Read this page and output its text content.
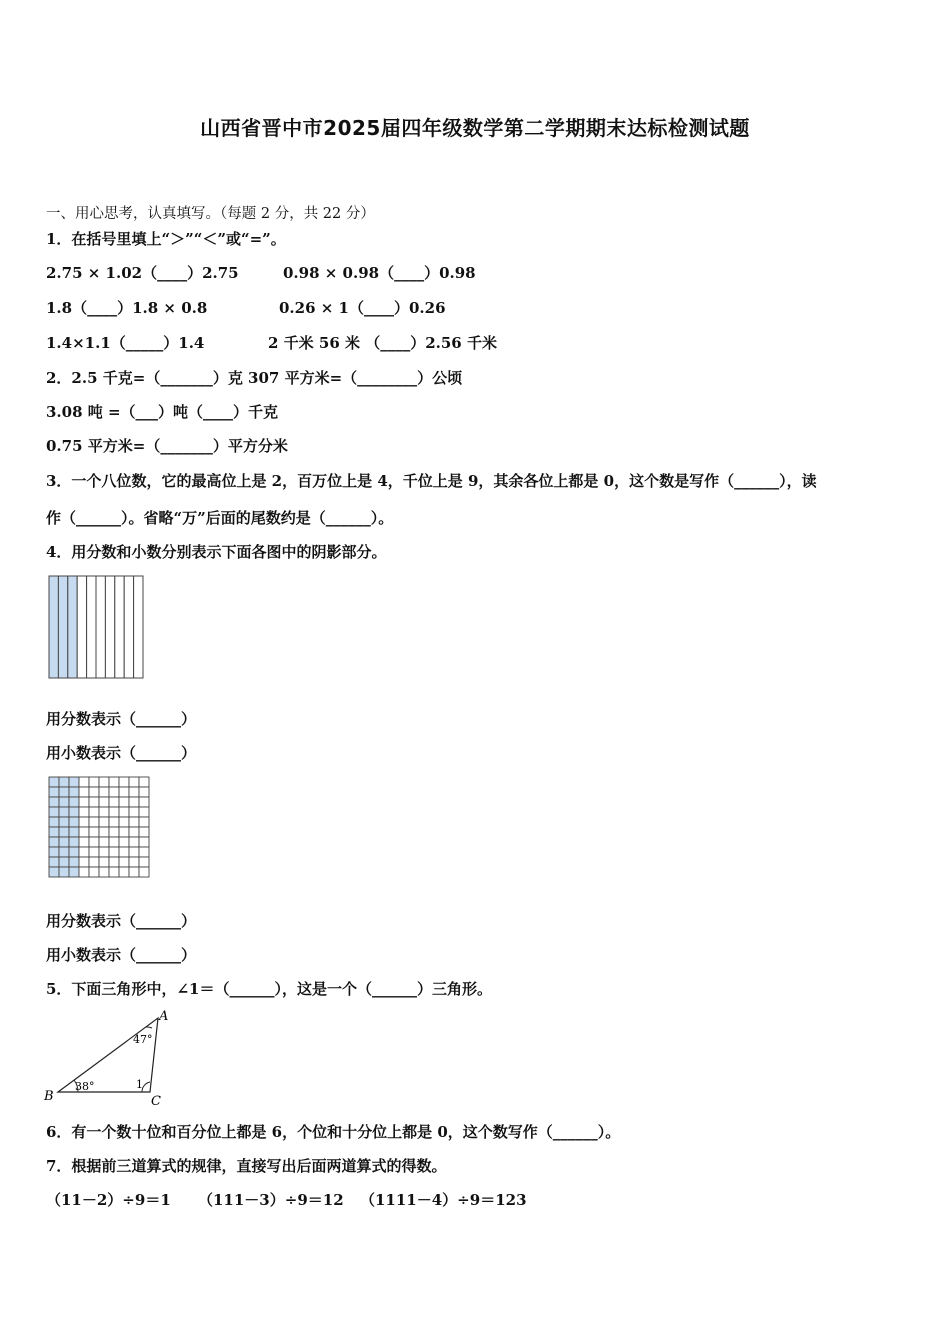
山西省晋中市2025届四年级数学第二学期期末达标检测试题
一、用心思考，认真填写。（每题 2 分，共 22 分）
1．在括号里填上“＞”“＜”或“=”。
2.75 × 1.02（____）2.75	0.98 × 0.98（____）0.98
1.8（____）1.8 × 0.8	0.26 × 1（____）0.26
1.4×1.1（_____）1.4	2 千米 56 米 （____）2.56 千米
2．2.5 千克=（_______）克 307 平方米=（________）公顷
3.08 吨 =（___）吨（____）千克
0.75 平方米=（_______）平方分米
3．一个八位数，它的最高位上是 2，百万位上是 4，千位上是 9，其余各位上都是 0，这个数是写作（______），读
作（______）。省略“万”后面的尾数约是（______）。
4．用分数和小数分别表示下面各图中的阴影部分。
用分数表示（______）
用小数表示（______）
用分数表示（______）
用小数表示（______）
5．下面三角形中，∠1＝（______），这是一个（______）三角形。
A
B	C
47°
38°	1
6．有一个数十位和百分位上都是 6，个位和十分位上都是 0，这个数写作（______）。
7．根据前三道算式的规律，直接写出后面两道算式的得数。
（11－2）÷9＝1 （111－3）÷9＝12 （1111－4）÷9＝123
